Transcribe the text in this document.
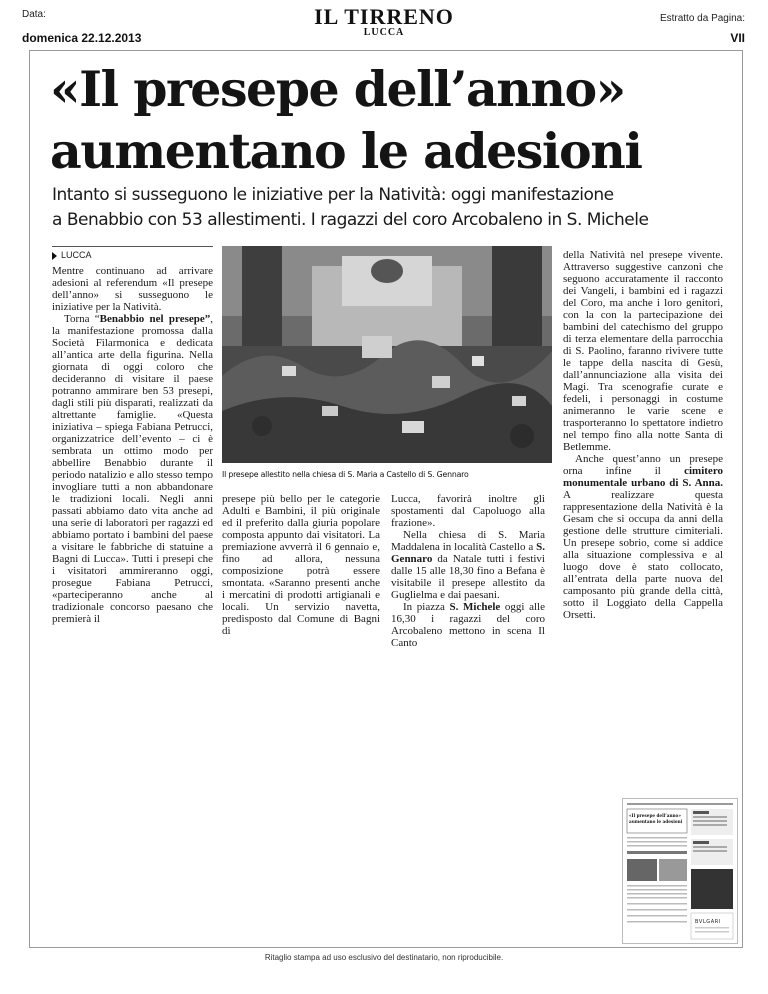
Data:
domenica 22.12.2013
IL TIRRENO
LUCCA
Estratto da Pagina:
VII
«Il presepe dell’anno»
aumentano le adesioni
Intanto si susseguono le iniziative per la Natività: oggi manifestazione
a Benabbio con 53 allestimenti. I ragazzi del coro Arcobaleno in S. Michele
LUCCA

Mentre continuano ad arrivare adesioni al referendum «Il presepe dell’anno» si susseguono le iniziative per la Natività.

Torna “Benabbio nel presepe”, la manifestazione promossa dalla Società Filarmonica e dedicata all’antica arte della figurina. Nella giornata di oggi coloro che decideranno di visitare il paese potranno ammirare ben 53 presepi, dagli stili più disparati, realizzati da altrettante famiglie. «Questa iniziativa – spiega Fabiana Petrucci, organizzatrice dell’evento – ci è sembrata un ottimo modo per abbellire Benabbio durante il periodo natalizio e allo stesso tempo invogliare tutti a non abbandonare le tradizioni locali. Negli anni passati abbiamo dato vita anche ad una serie di laboratori per ragazzi ed abbiamo portato i bambini del paese a visitare le fabbriche di statuine a Bagni di Lucca». Tutti i presepi che i visitatori ammireranno oggi, prosegue Fabiana Petrucci, «parteciperanno anche al tradizionale concorso paesano che premierà il

Il presepe allestito nella chiesa di S. Maria a Castello di S. Gennaro

presepe più bello per le categorie Adulti e Bambini, il più originale ed il preferito dalla giuria popolare composta appunto dai visitatori. La premiazione avverrà il 6 gennaio e, fino ad allora, nessuna composizione potrà essere smontata. «Saranno presenti anche i mercatini di prodotti artigianali e locali. Un servizio navetta, predisposto dal Comune di Bagni di

Lucca, favorirà inoltre gli spostamenti dal Capoluogo alla frazione».

Nella chiesa di S. Maria Maddalena in località Castello a S. Gennaro da Natale tutti i festivi dalle 15 alle 18,30 fino a Befana è visitabile il presepe allestito da Guglielma e dai paesani.

In piazza S. Michele oggi alle 16,30 i ragazzi del coro Arcobaleno mettono in scena Il Canto

della Natività nel presepe vivente. Attraverso suggestive canzoni che seguono accuratamente il racconto dei Vangeli, i bambini ed i ragazzi del Coro, ma anche i loro genitori, con la con la partecipazione dei bambini del catechismo del gruppo di terza elementare della parrocchia di S. Paolino, faranno rivivere tutte le tappe della nascita di Gesù, dall’annunciazione alla visita dei Magi. Tra scenografie curate e fedeli, i personaggi in costume animeranno le varie scene e trasporteranno lo spettatore indietro nel tempo fino alla notte Santa di Betlemme.

Anche quest’anno un presepe orna infine il cimitero monumentale urbano di S. Anna. A realizzare questa rappresentazione della Natività è la Gesam che si occupa da anni della gestione delle strutture cimiteriali. Un presepe sobrio, come si addice alla situazione complessiva e al luogo dove è stato collocato, all’entrata della parte nuova del camposanto più grande della città, sotto il Loggiato della Cappella Orsetti.

«Il presepe dell’anno»
aumentano le adesioni
BVLGARI
Ritaglio stampa ad uso esclusivo del destinatario, non riproducibile.
